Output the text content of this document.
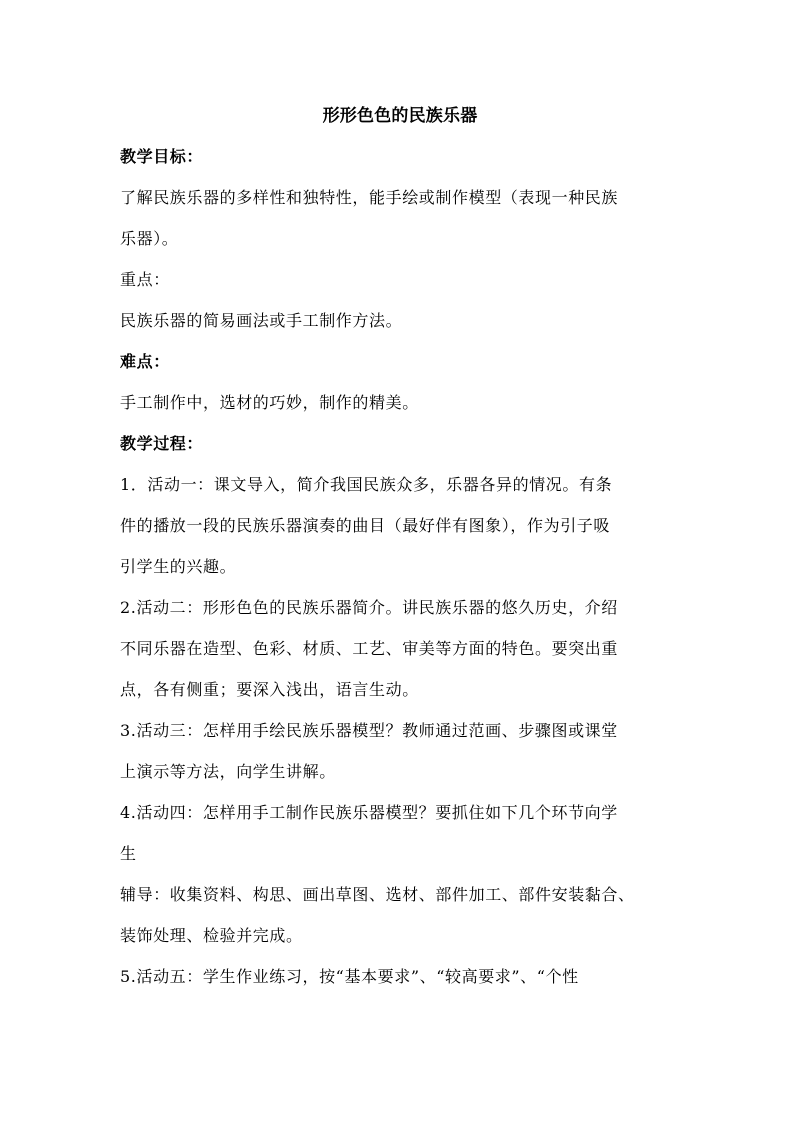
形形色色的民族乐器

教学目标：

了解民族乐器的多样性和独特性，能手绘或制作模型（表现一种民族

乐器）。

重点：

民族乐器的简易画法或手工制作方法。

难点：

手工制作中，选材的巧妙，制作的精美。

教学过程：

1．活动一：课文导入，简介我国民族众多，乐器各异的情况。有条

件的播放一段的民族乐器演奏的曲目（最好伴有图象），作为引子吸

引学生的兴趣。

2.活动二：形形色色的民族乐器简介。讲民族乐器的悠久历史，介绍

不同乐器在造型、色彩、材质、工艺、审美等方面的特色。要突出重

点，各有侧重；要深入浅出，语言生动。

3.活动三：怎样用手绘民族乐器模型？教师通过范画、步骤图或课堂

上演示等方法，向学生讲解。

4.活动四：怎样用手工制作民族乐器模型？要抓住如下几个环节向学

生

辅导：收集资料、构思、画出草图、选材、部件加工、部件安装黏合、

装饰处理、检验并完成。

5.活动五：学生作业练习，按“基本要求”、“较高要求”、“个性
